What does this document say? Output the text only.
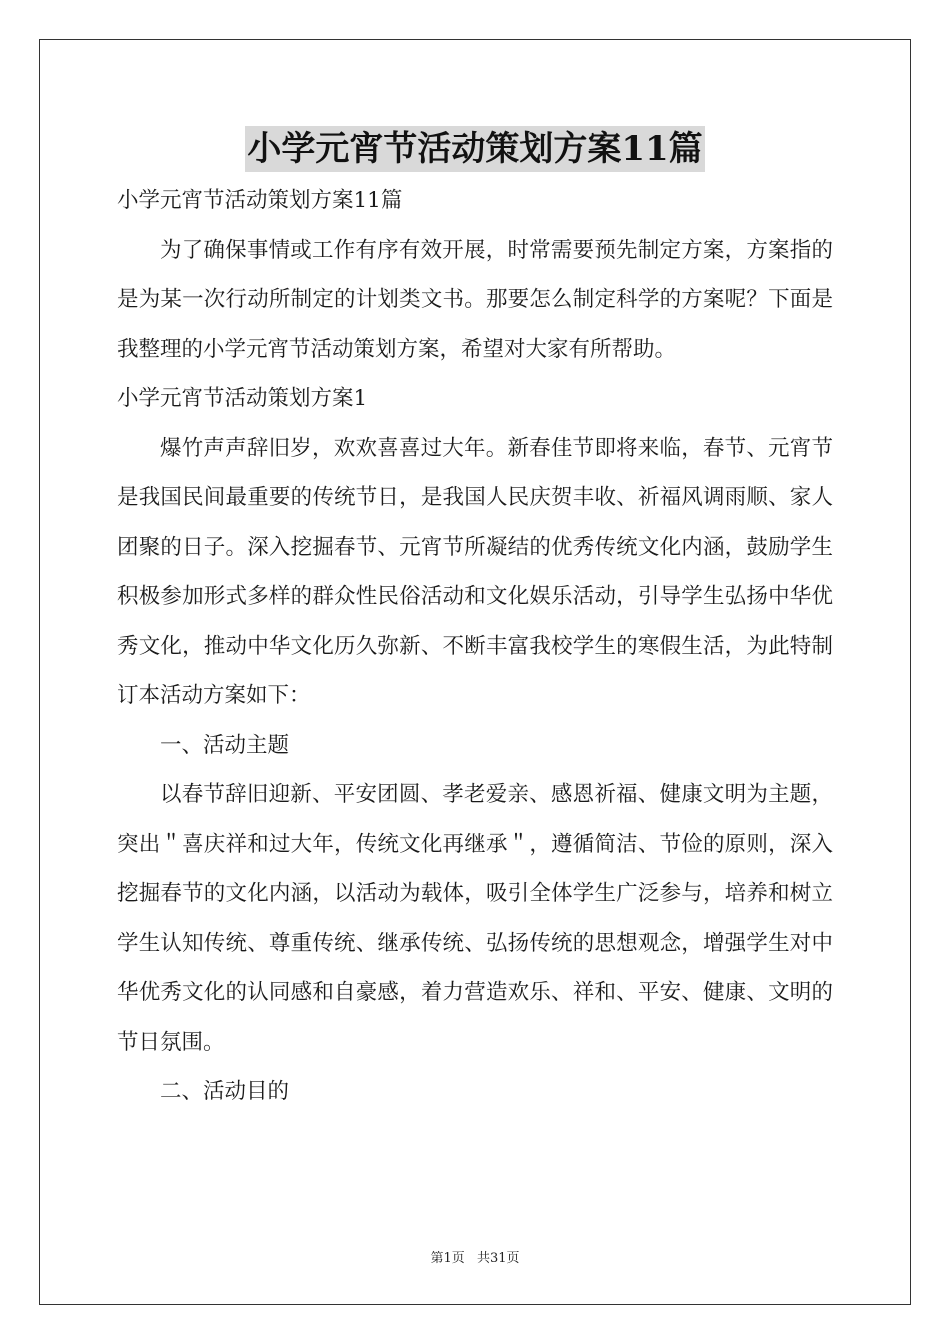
小学元宵节活动策划方案11篇

小学元宵节活动策划方案11篇

为了确保事情或工作有序有效开展，时常需要预先制定方案，方案指的是为某一次行动所制定的计划类文书。那要怎么制定科学的方案呢？下面是我整理的小学元宵节活动策划方案，希望对大家有所帮助。

小学元宵节活动策划方案1

爆竹声声辞旧岁，欢欢喜喜过大年。新春佳节即将来临，春节、元宵节是我国民间最重要的传统节日，是我国人民庆贺丰收、祈福风调雨顺、家人团聚的日子。深入挖掘春节、元宵节所凝结的优秀传统文化内涵，鼓励学生积极参加形式多样的群众性民俗活动和文化娱乐活动，引导学生弘扬中华优秀文化，推动中华文化历久弥新、不断丰富我校学生的寒假生活，为此特制订本活动方案如下：

一、活动主题

以春节辞旧迎新、平安团圆、孝老爱亲、感恩祈福、健康文明为主题，突出＂喜庆祥和过大年，传统文化再继承＂，遵循简洁、节俭的原则，深入挖掘春节的文化内涵，以活动为载体，吸引全体学生广泛参与，培养和树立学生认知传统、尊重传统、继承传统、弘扬传统的思想观念，增强学生对中华优秀文化的认同感和自豪感，着力营造欢乐、祥和、平安、健康、文明的节日氛围。

二、活动目的

第1页 共31页
